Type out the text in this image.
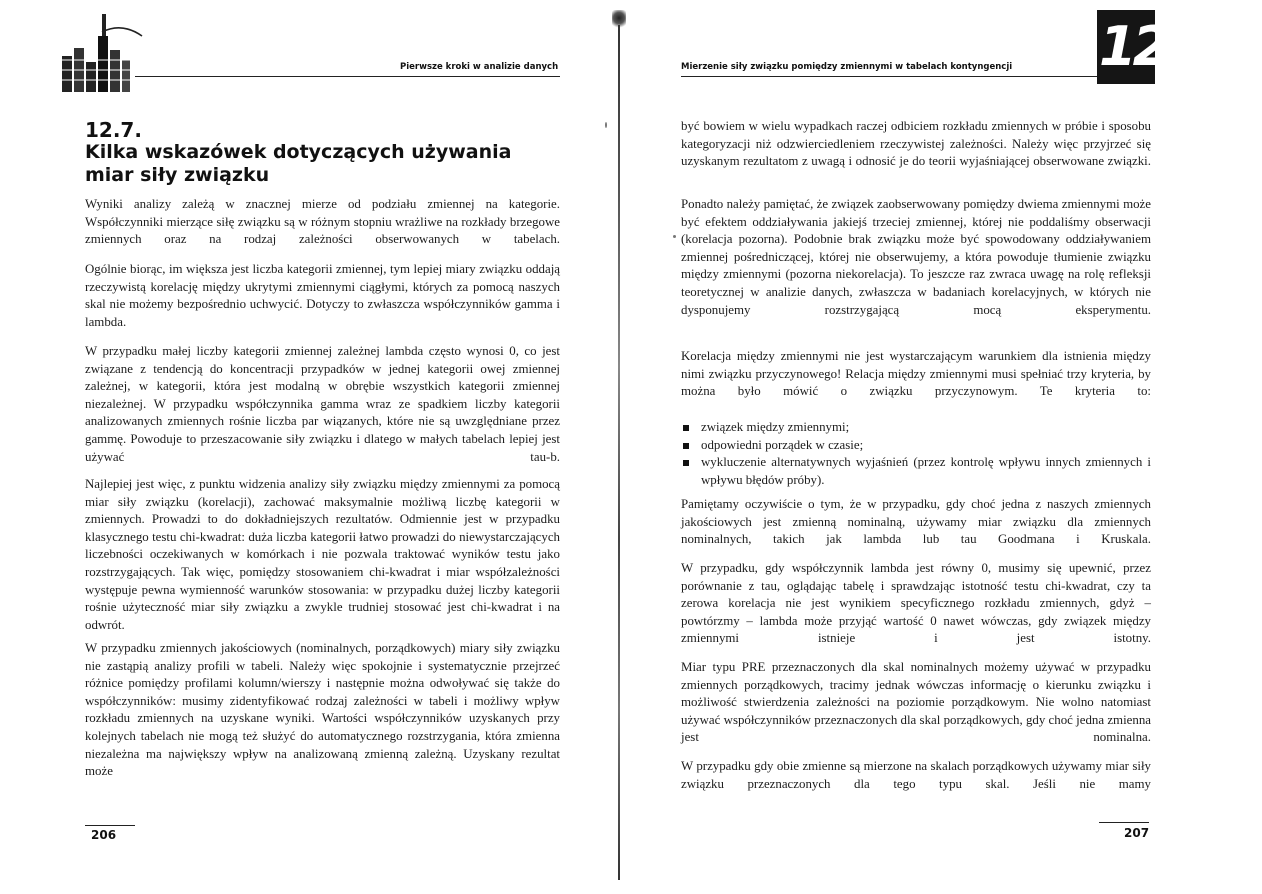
Pierwsze kroki w analizie danych
12.7.
Kilka wskazówek dotyczących używania
miar siły związku

Wyniki analizy zależą w znacznej mierze od podziału zmiennej na kategorie. Współczynniki mierzące siłę związku są w różnym stopniu wrażliwe na rozkłady brzegowe zmiennych oraz na rodzaj zależności obserwowanych w tabelach.

Ogólnie biorąc, im większa jest liczba kategorii zmiennej, tym lepiej miary związku oddają rzeczywistą korelację między ukrytymi zmiennymi ciągłymi, których za pomocą naszych skal nie możemy bezpośrednio uchwycić. Dotyczy to zwłaszcza współczynników gamma i lambda.

W przypadku małej liczby kategorii zmiennej zależnej lambda często wynosi 0, co jest związane z tendencją do koncentracji przypadków w jednej kategorii owej zmiennej zależnej, w kategorii, która jest modalną w obrębie wszystkich kategorii zmiennej niezależnej. W przypadku współczynnika gamma wraz ze spadkiem liczby kategorii analizowanych zmiennych rośnie liczba par wiązanych, które nie są uwzględniane przez gammę. Powoduje to przeszacowanie siły związku i dlatego w małych tabelach lepiej jest używać tau-b.

Najlepiej jest więc, z punktu widzenia analizy siły związku między zmiennymi za pomocą miar siły związku (korelacji), zachować maksymalnie możliwą liczbę kategorii w zmiennych. Prowadzi to do dokładniejszych rezultatów. Odmiennie jest w przypadku klasycznego testu chi-kwadrat: duża liczba kategorii łatwo prowadzi do niewystarczających liczebności oczekiwanych w komórkach i nie pozwala traktować wyników testu jako rozstrzygających. Tak więc, pomiędzy stosowaniem chi-kwadrat i miar współzależności występuje pewna wymienność warunków stosowania: w przypadku dużej liczby kategorii rośnie użyteczność miar siły związku a zwykle trudniej stosować jest chi-kwadrat i na odwrót.

W przypadku zmiennych jakościowych (nominalnych, porządkowych) miary siły związku nie zastąpią analizy profili w tabeli. Należy więc spokojnie i systematycznie przejrzeć różnice pomiędzy profilami kolumn/wierszy i następnie można odwoływać się także do współczynników: musimy zidentyfikować rodzaj zależności w tabeli i możliwy wpływ rozkładu zmiennych na uzyskane wyniki. Wartości współczynników uzyskanych przy kolejnych tabelach nie mogą też służyć do automatycznego rozstrzygania, która zmienna niezależna ma największy wpływ na analizowaną zmienną zależną. Uzyskany rezultat może

206
Mierzenie siły związku pomiędzy zmiennymi w tabelach kontyngencji 12

być bowiem w wielu wypadkach raczej odbiciem rozkładu zmiennych w próbie i sposobu kategoryzacji niż odzwierciedleniem rzeczywistej zależności. Należy więc przyjrzeć się uzyskanym rezultatom z uwagą i odnosić je do teorii wyjaśniającej obserwowane związki.

Ponadto należy pamiętać, że związek zaobserwowany pomiędzy dwiema zmiennymi może być efektem oddziaływania jakiejś trzeciej zmiennej, której nie poddaliśmy obserwacji (korelacja pozorna). Podobnie brak związku może być spowodowany oddziaływaniem zmiennej pośredniczącej, której nie obserwujemy, a która powoduje tłumienie związku między zmiennymi (pozorna niekorelacja). To jeszcze raz zwraca uwagę na rolę refleksji teoretycznej w analizie danych, zwłaszcza w badaniach korelacyjnych, w których nie dysponujemy rozstrzygającą mocą eksperymentu.

Korelacja między zmiennymi nie jest wystarczającym warunkiem dla istnienia między nimi związku przyczynowego! Relacja między zmiennymi musi spełniać trzy kryteria, by można było mówić o związku przyczynowym. Te kryteria to:

związek między zmiennymi;
odpowiedni porządek w czasie;
wykluczenie alternatywnych wyjaśnień (przez kontrolę wpływu innych zmiennych i wpływu błędów próby).

Pamiętamy oczywiście o tym, że w przypadku, gdy choć jedna z naszych zmiennych jakościowych jest zmienną nominalną, używamy miar związku dla zmiennych nominalnych, takich jak lambda lub tau Goodmana i Kruskala.

W przypadku, gdy współczynnik lambda jest równy 0, musimy się upewnić, przez porównanie z tau, oglądając tabelę i sprawdzając istotność testu chi-kwadrat, czy ta zerowa korelacja nie jest wynikiem specyficznego rozkładu zmiennych, gdyż – powtórzmy – lambda może przyjąć wartość 0 nawet wówczas, gdy związek między zmiennymi istnieje i jest istotny.

Miar typu PRE przeznaczonych dla skal nominalnych możemy używać w przypadku zmiennych porządkowych, tracimy jednak wówczas informację o kierunku związku i możliwość stwierdzenia zależności na poziomie porządkowym. Nie wolno natomiast używać współczynników przeznaczonych dla skal porządkowych, gdy choć jedna zmienna jest nominalna.

W przypadku gdy obie zmienne są mierzone na skalach porządkowych używamy miar siły związku przeznaczonych dla tego typu skal. Jeśli nie mamy

207
